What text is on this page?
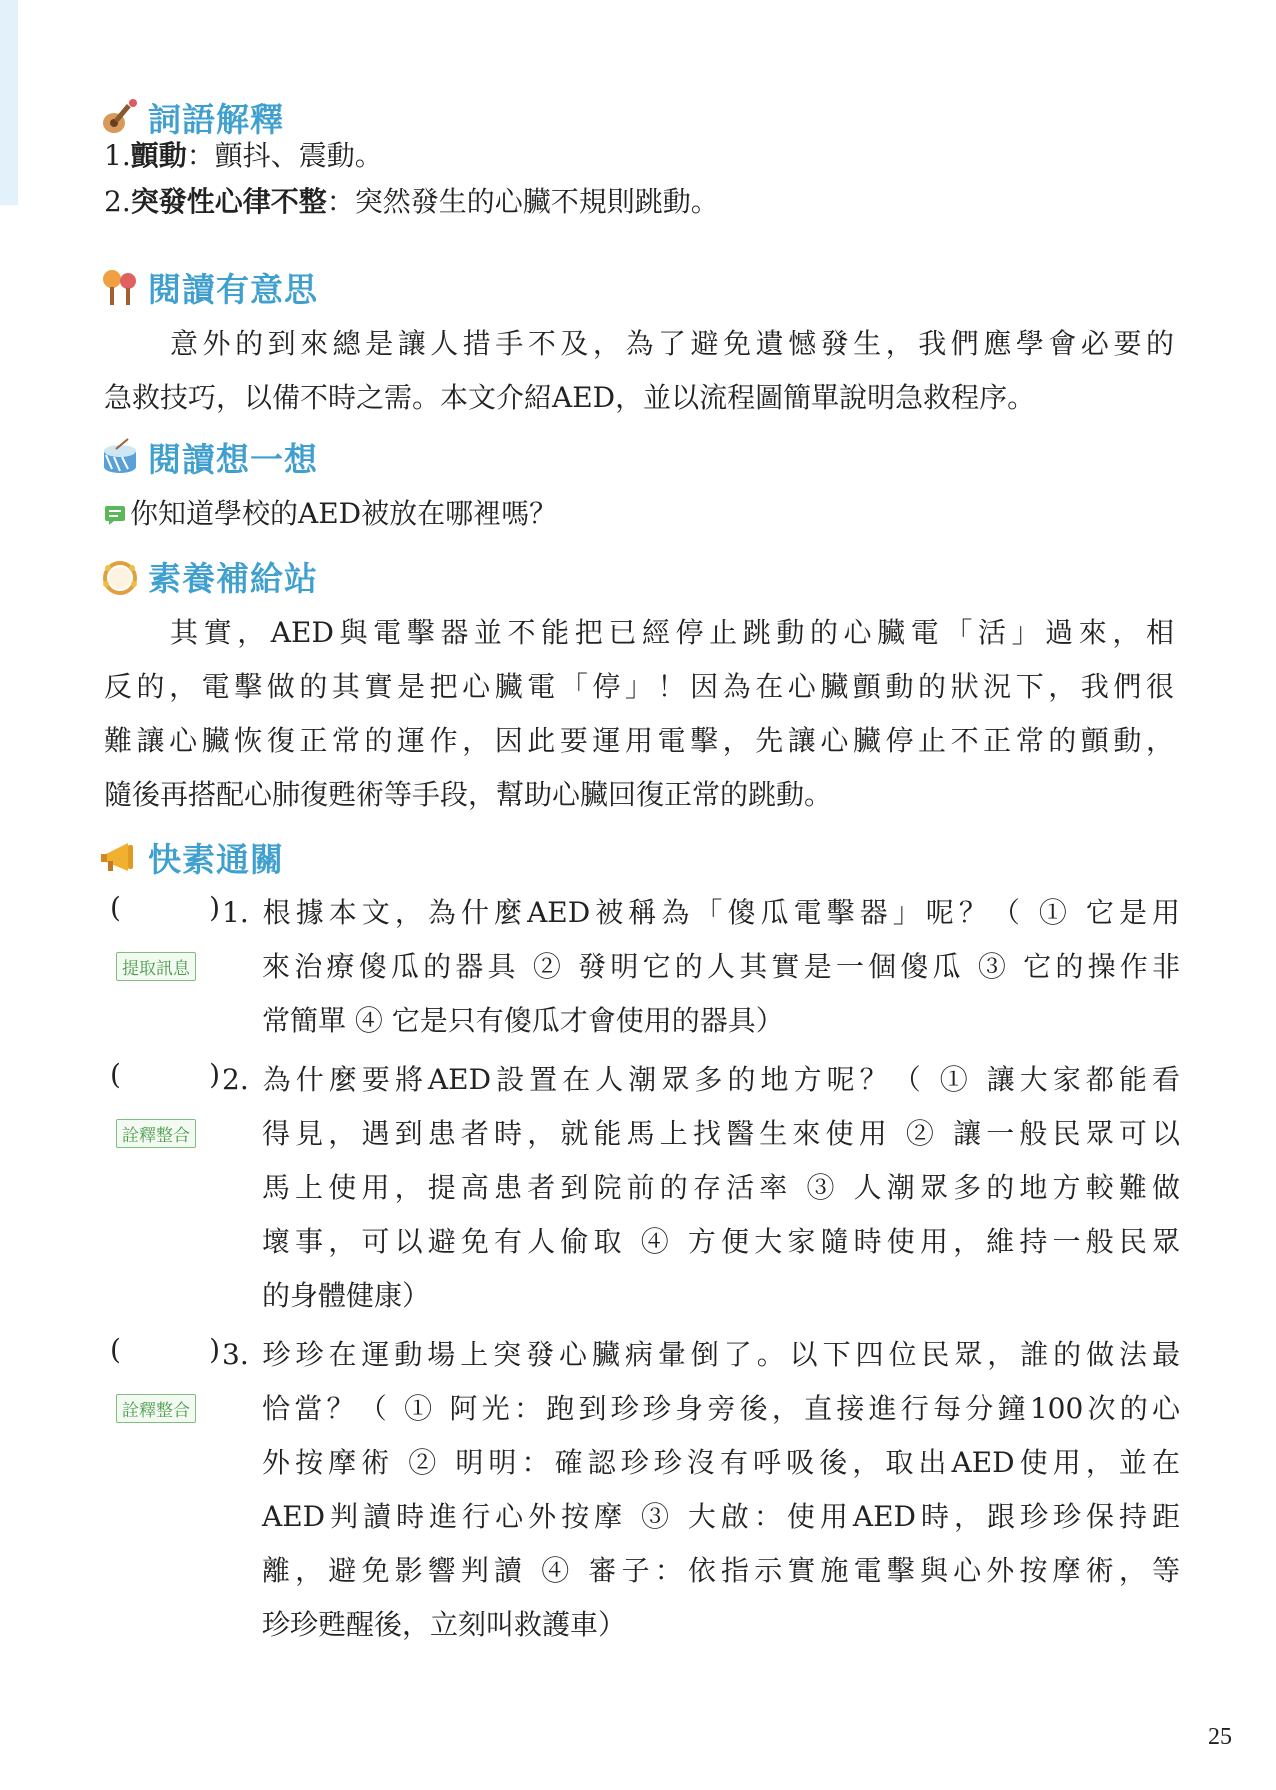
詞語解釋
1.顫動：顫抖、震動。
2.突發性心律不整：突然發生的心臟不規則跳動。
閱讀有意思
意外的到來總是讓人措手不及，為了避免遺憾發生，我們應學會必要的
急救技巧，以備不時之需。本文介紹AED，並以流程圖簡單說明急救程序。
閱讀想一想
你知道學校的AED被放在哪裡嗎？
素養補給站
其實，AED與電擊器並不能把已經停止跳動的心臟電「活」過來，相
反的，電擊做的其實是把心臟電「停」！因為在心臟顫動的狀況下，我們很
難讓心臟恢復正常的運作，因此要運用電擊，先讓心臟停止不正常的顫動，
隨後再搭配心肺復甦術等手段，幫助心臟回復正常的跳動。
快素通關
(	)
提取訊息
1. 根據本文，為什麼AED被稱為「傻瓜電擊器」呢？（ ① 它是用
來治療傻瓜的器具 ② 發明它的人其實是一個傻瓜 ③ 它的操作非
常簡單 ④ 它是只有傻瓜才會使用的器具）
(	)
詮釋整合
2. 為什麼要將AED設置在人潮眾多的地方呢？（ ① 讓大家都能看
得見，遇到患者時，就能馬上找醫生來使用 ② 讓一般民眾可以
馬上使用，提高患者到院前的存活率 ③ 人潮眾多的地方較難做
壞事，可以避免有人偷取 ④ 方便大家隨時使用，維持一般民眾
的身體健康）
(	)
詮釋整合
3. 珍珍在運動場上突發心臟病暈倒了。以下四位民眾，誰的做法最
恰當？（ ① 阿光：跑到珍珍身旁後，直接進行每分鐘100次的心
外按摩術 ② 明明：確認珍珍沒有呼吸後，取出AED使用，並在
AED判讀時進行心外按摩 ③ 大啟：使用AED時，跟珍珍保持距
離，避免影響判讀 ④ 審子：依指示實施電擊與心外按摩術，等
珍珍甦醒後，立刻叫救護車）
25
